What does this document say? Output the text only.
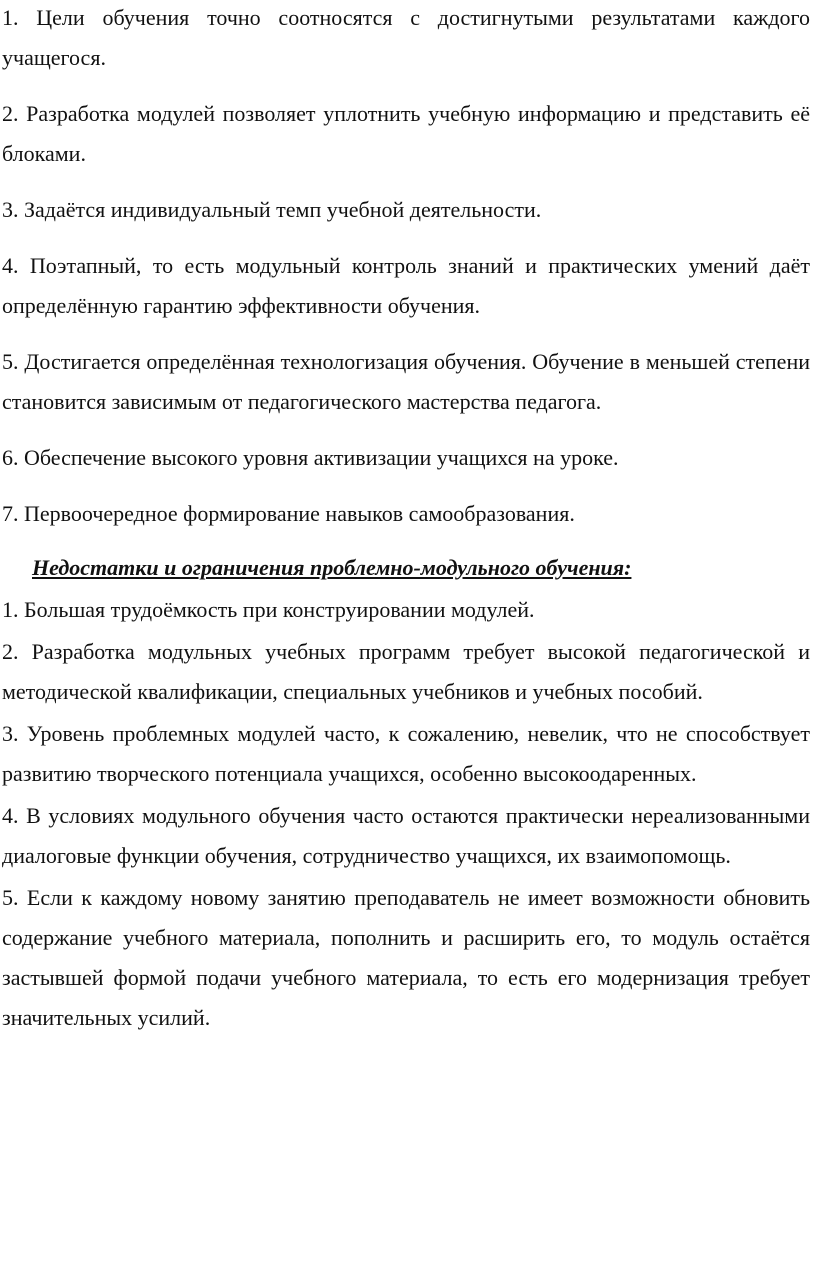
1. Цели обучения точно соотносятся с достигнутыми результатами каждого учащегося.

2. Разработка модулей позволяет уплотнить учебную информацию и представить её блоками.

3. Задаётся индивидуальный темп учебной деятельности.

4. Поэтапный, то есть модульный контроль знаний и практических умений даёт определённую гарантию эффективности обучения.

5. Достигается определённая технологизация обучения. Обучение в меньшей степени становится зависимым от педагогического мастерства педагога.

6. Обеспечение высокого уровня активизации учащихся на уроке.

7. Первоочередное формирование навыков самообразования.

Недостатки и ограничения проблемно-модульного обучения:

1. Большая трудоёмкость при конструировании модулей.

2. Разработка модульных учебных программ требует высокой педагогической и методической квалификации, специальных учебников и учебных пособий.

3. Уровень проблемных модулей часто, к сожалению, невелик, что не способствует развитию творческого потенциала учащихся, особенно высокоодаренных.

4. В условиях модульного обучения часто остаются практически нереализованными диалоговые функции обучения, сотрудничество учащихся, их взаимопомощь.

5. Если к каждому новому занятию преподаватель не имеет возможности обновить содержание учебного материала, пополнить и расширить его, то модуль остаётся застывшей формой подачи учебного материала, то есть его модернизация требует значительных усилий.
